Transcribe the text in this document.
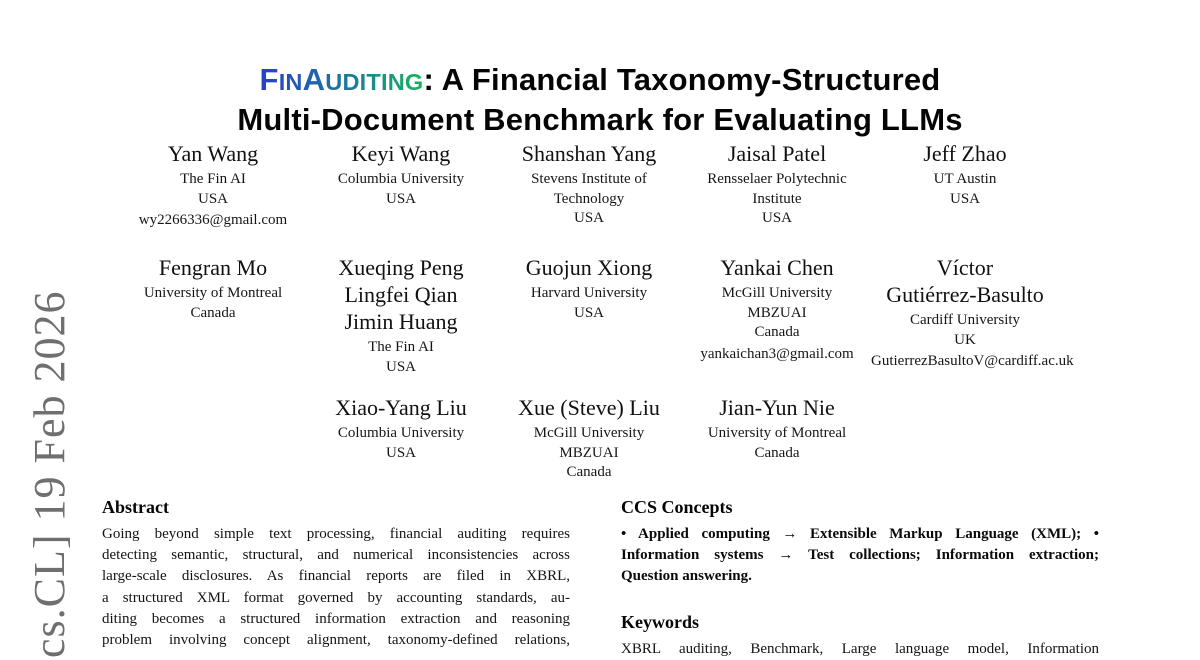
cs.CL] 19 Feb 2026
FINAUDITING: A Financial Taxonomy-Structured
Multi-Document Benchmark for Evaluating LLMs
Yan Wang
The Fin AI
USA
wy2266336@gmail.com
Keyi Wang
Columbia University
USA
Shanshan Yang
Stevens Institute of
Technology
USA
Jaisal Patel
Rensselaer Polytechnic
Institute
USA
Jeff Zhao
UT Austin
USA
Fengran Mo
University of Montreal
Canada
Xueqing Peng
Lingfei Qian
Jimin Huang
The Fin AI
USA
Guojun Xiong
Harvard University
USA
Yankai Chen
McGill University
MBZUAI
Canada
yankaichan3@gmail.com
Víctor
Gutiérrez-Basulto
Cardiff University
UK
GutierrezBasultoV@cardiff.ac.uk
Xiao-Yang Liu
Columbia University
USA
Xue (Steve) Liu
McGill University
MBZUAI
Canada
Jian-Yun Nie
University of Montreal
Canada
Abstract
Going beyond simple text processing, financial auditing requires
detecting semantic, structural, and numerical inconsistencies across
large-scale disclosures. As financial reports are filed in XBRL,
a structured XML format governed by accounting standards, au-
diting becomes a structured information extraction and reasoning
problem involving concept alignment, taxonomy-defined relations,
CCS Concepts
• Applied computing → Extensible Markup Language (XML); •
Information systems → Test collections; Information extraction;
Question answering.
Keywords
XBRL auditing, Benchmark, Large language model, Information
